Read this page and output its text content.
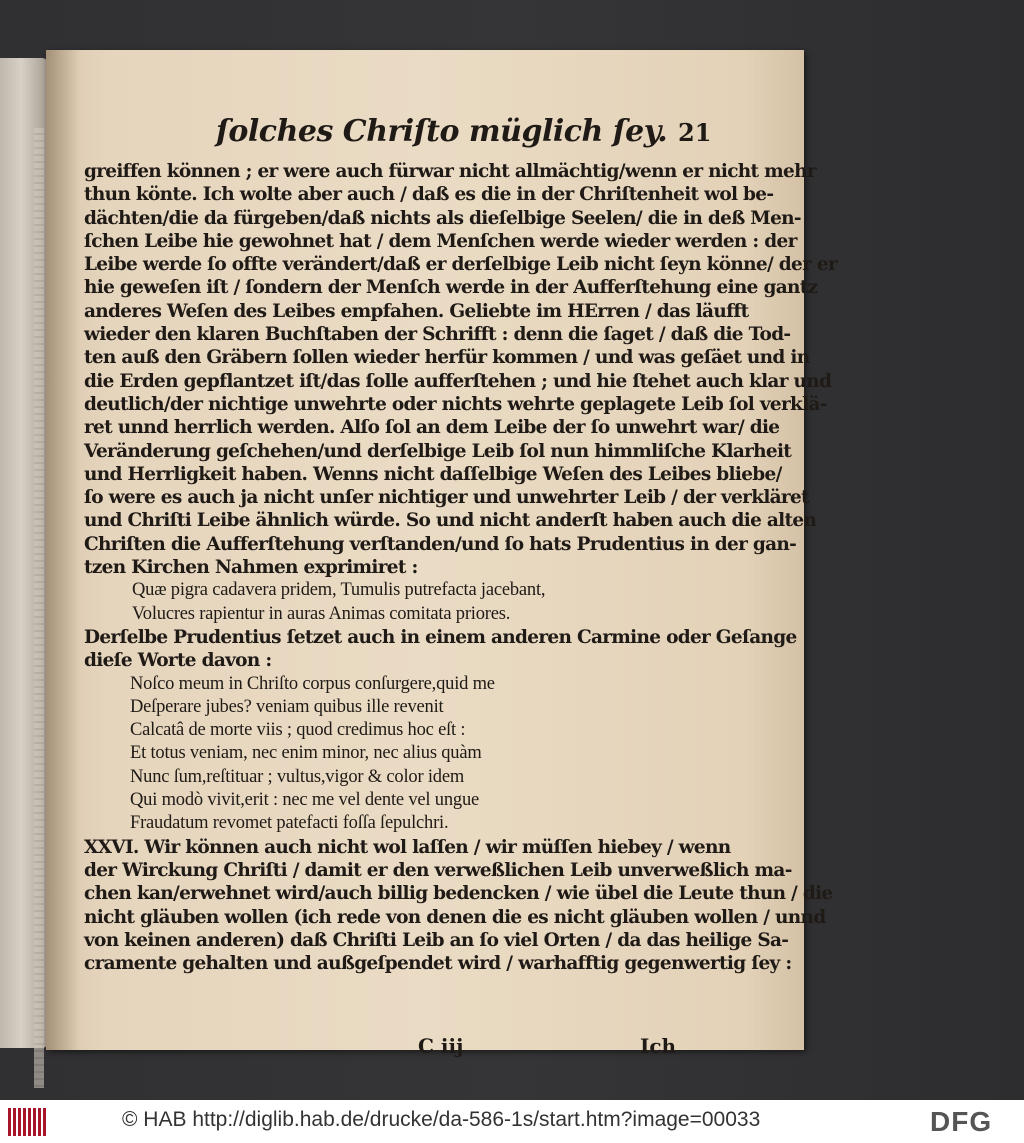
ſolches Chriſto müglich ſey. 21
greiffen können ; er were auch fürwar nicht allmächtig/wenn er nicht mehr
thun könte. Ich wolte aber auch / daß es die in der Chriſtenheit wol be-
dächten/die da fürgeben/daß nichts als dieſelbige Seelen/ die in deß Men-
ſchen Leibe hie gewohnet hat / dem Menſchen werde wieder werden : der
Leibe werde ſo offte verändert/daß er derſelbige Leib nicht ſeyn könne/ der er
hie geweſen iſt / ſondern der Menſch werde in der Aufferſtehung eine gantz
anderes Weſen des Leibes empfahen. Geliebte im HErren / das läufft
wieder den klaren Buchſtaben der Schrifft : denn die ſaget / daß die Tod-
ten auß den Gräbern ſollen wieder herfür kommen / und was geſäet und in
die Erden gepflantzet iſt/das ſolle aufferſtehen ; und hie ſtehet auch klar und
deutlich/der nichtige unwehrte oder nichts wehrte geplagete Leib ſol verklä-
ret unnd herrlich werden. Alſo ſol an dem Leibe der ſo unwehrt war/ die
Veränderung geſchehen/und derſelbige Leib ſol nun himmliſche Klarheit
und Herrligkeit haben. Wenns nicht daſſelbige Weſen des Leibes bliebe/
ſo were es auch ja nicht unſer nichtiger und unwehrter Leib / der verkläret
und Chriſti Leibe ähnlich würde. So und nicht anderſt haben auch die alten
Chriſten die Aufferſtehung verſtanden/und ſo hats Prudentius in der gan-
tzen Kirchen Nahmen exprimiret :
Quæ pigra cadavera pridem, Tumulis putrefacta jacebant,
Volucres rapientur in auras Animas comitata priores.
Derſelbe Prudentius ſetzet auch in einem anderen Carmine oder Geſange
dieſe Worte davon :
Noſco meum in Chriſto corpus conſurgere,quid me
Deſperare jubes? veniam quibus ille revenit
Calcatâ de morte viis ; quod credimus hoc eſt :
Et totus veniam, nec enim minor, nec alius quàm
Nunc ſum,reſtituar ; vultus,vigor & color idem
Qui modò vivit,erit : nec me vel dente vel ungue
Fraudatum revomet patefacti foſſa ſepulchri.
XXVI. Wir können auch nicht wol laſſen / wir müſſen hiebey / wenn
der Wirckung Chriſti / damit er den verweßlichen Leib unverweßlich ma-
chen kan/erwehnet wird/auch billig bedencken / wie übel die Leute thun / die
nicht gläuben wollen (ich rede von denen die es nicht gläuben wollen / unnd
von keinen anderen) daß Chriſti Leib an ſo viel Orten / da das heilige Sa-
cramente gehalten und außgeſpendet wird / warhafftig gegenwertig ſey :
C iij	Ich
© HAB http://diglib.hab.de/drucke/da-586-1s/start.htm?image=00033	DFG
